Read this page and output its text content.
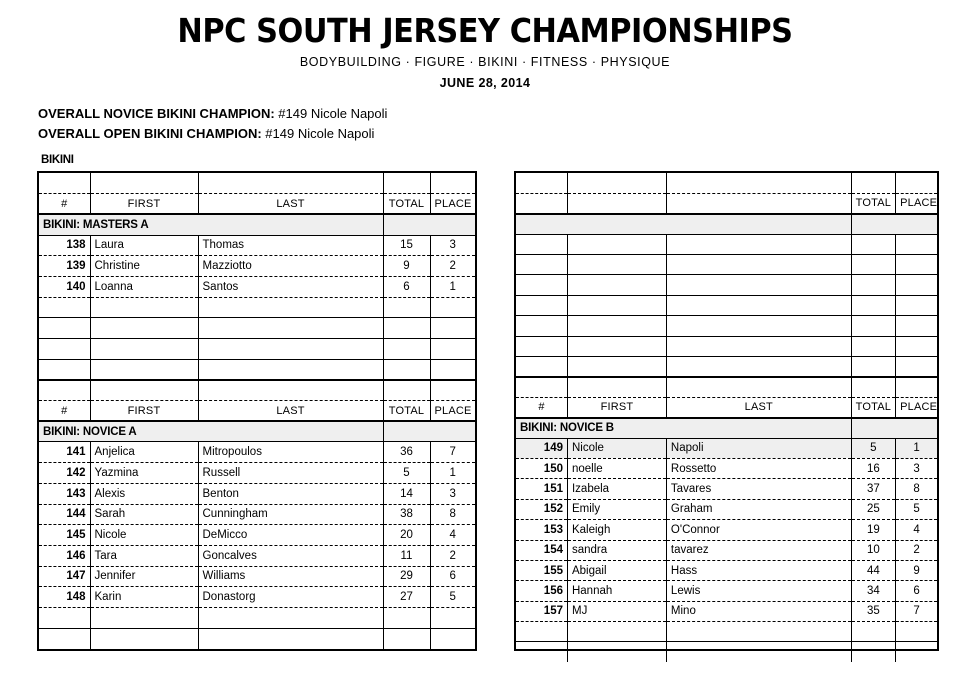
NPC SOUTH JERSEY CHAMPIONSHIPS
BODYBUILDING · FIGURE · BIKINI · FITNESS · PHYSIQUE
JUNE 28, 2014
OVERALL NOVICE BIKINI CHAMPION: #149 Nicole Napoli
OVERALL OPEN BIKINI CHAMPION: #149 Nicole Napoli
BIKINI

#	FIRST	LAST	TOTAL	PLACE
BIKINI: MASTERS A				
138	Laura	Thomas	15	3
139	Christine	Mazziotto	9	2
140	Loanna	Santos	6	1

#	FIRST	LAST	TOTAL	PLACE
BIKINI: NOVICE A				
141	Anjelica	Mitropoulos	36	7
142	Yazmina	Russell	5	1
143	Alexis	Benton	14	3
144	Sarah	Cunningham	38	8
145	Nicole	DeMicco	20	4
146	Tara	Goncalves	11	2
147	Jennifer	Williams	29	6
148	Karin	Donastorg	27	5

			TOTAL	PLACE

#	FIRST	LAST	TOTAL	PLACE
BIKINI: NOVICE B				
149	Nicole	Napoli	5	1
150	noelle	Rossetto	16	3
151	Izabela	Tavares	37	8
152	Emily	Graham	25	5
153	Kaleigh	O'Connor	19	4
154	sandra	tavarez	10	2
155	Abigail	Hass	44	9
156	Hannah	Lewis	34	6
157	MJ	Mino	35	7
